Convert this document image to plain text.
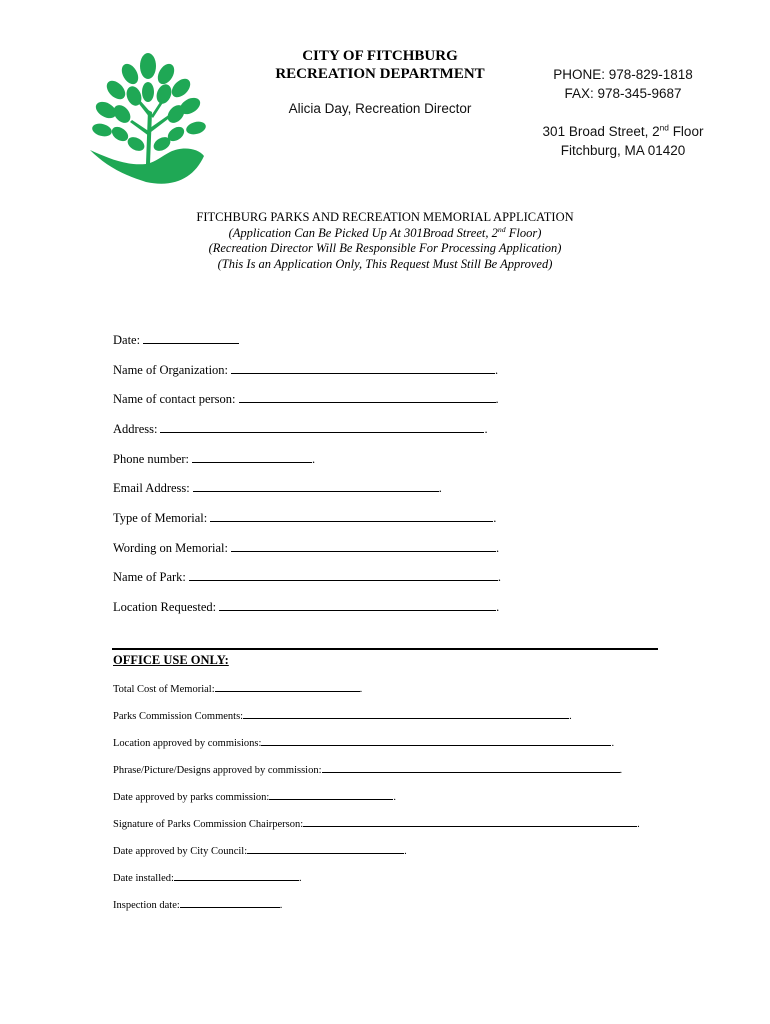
CITY OF FITCHBURG
RECREATION DEPARTMENT
Alicia Day, Recreation Director
PHONE: 978-829-1818
FAX: 978-345-9687
301 Broad Street, 2nd Floor
Fitchburg, MA 01420
FITCHBURG PARKS AND RECREATION MEMORIAL APPLICATION
(Application Can Be Picked Up At 301Broad Street, 2nd Floor)
(Recreation Director Will Be Responsible For Processing Application)
(This Is an Application Only, This Request Must Still Be Approved)
Date:
Name of Organization:	.
Name of contact person:	.
Address:	.
Phone number:	.
Email Address:	.
Type of Memorial:	.
Wording on Memorial:	.
Name of Park:	.
Location Requested:	.
OFFICE USE ONLY:
Total Cost of Memorial:	.
Parks Commission Comments:	.
Location approved by commisions:	.
Phrase/Picture/Designs approved by commission:	.
Date approved by parks commission:	.
Signature of Parks Commission Chairperson:	.
Date approved by City Council:	.
Date installed:	.
Inspection date:	.
